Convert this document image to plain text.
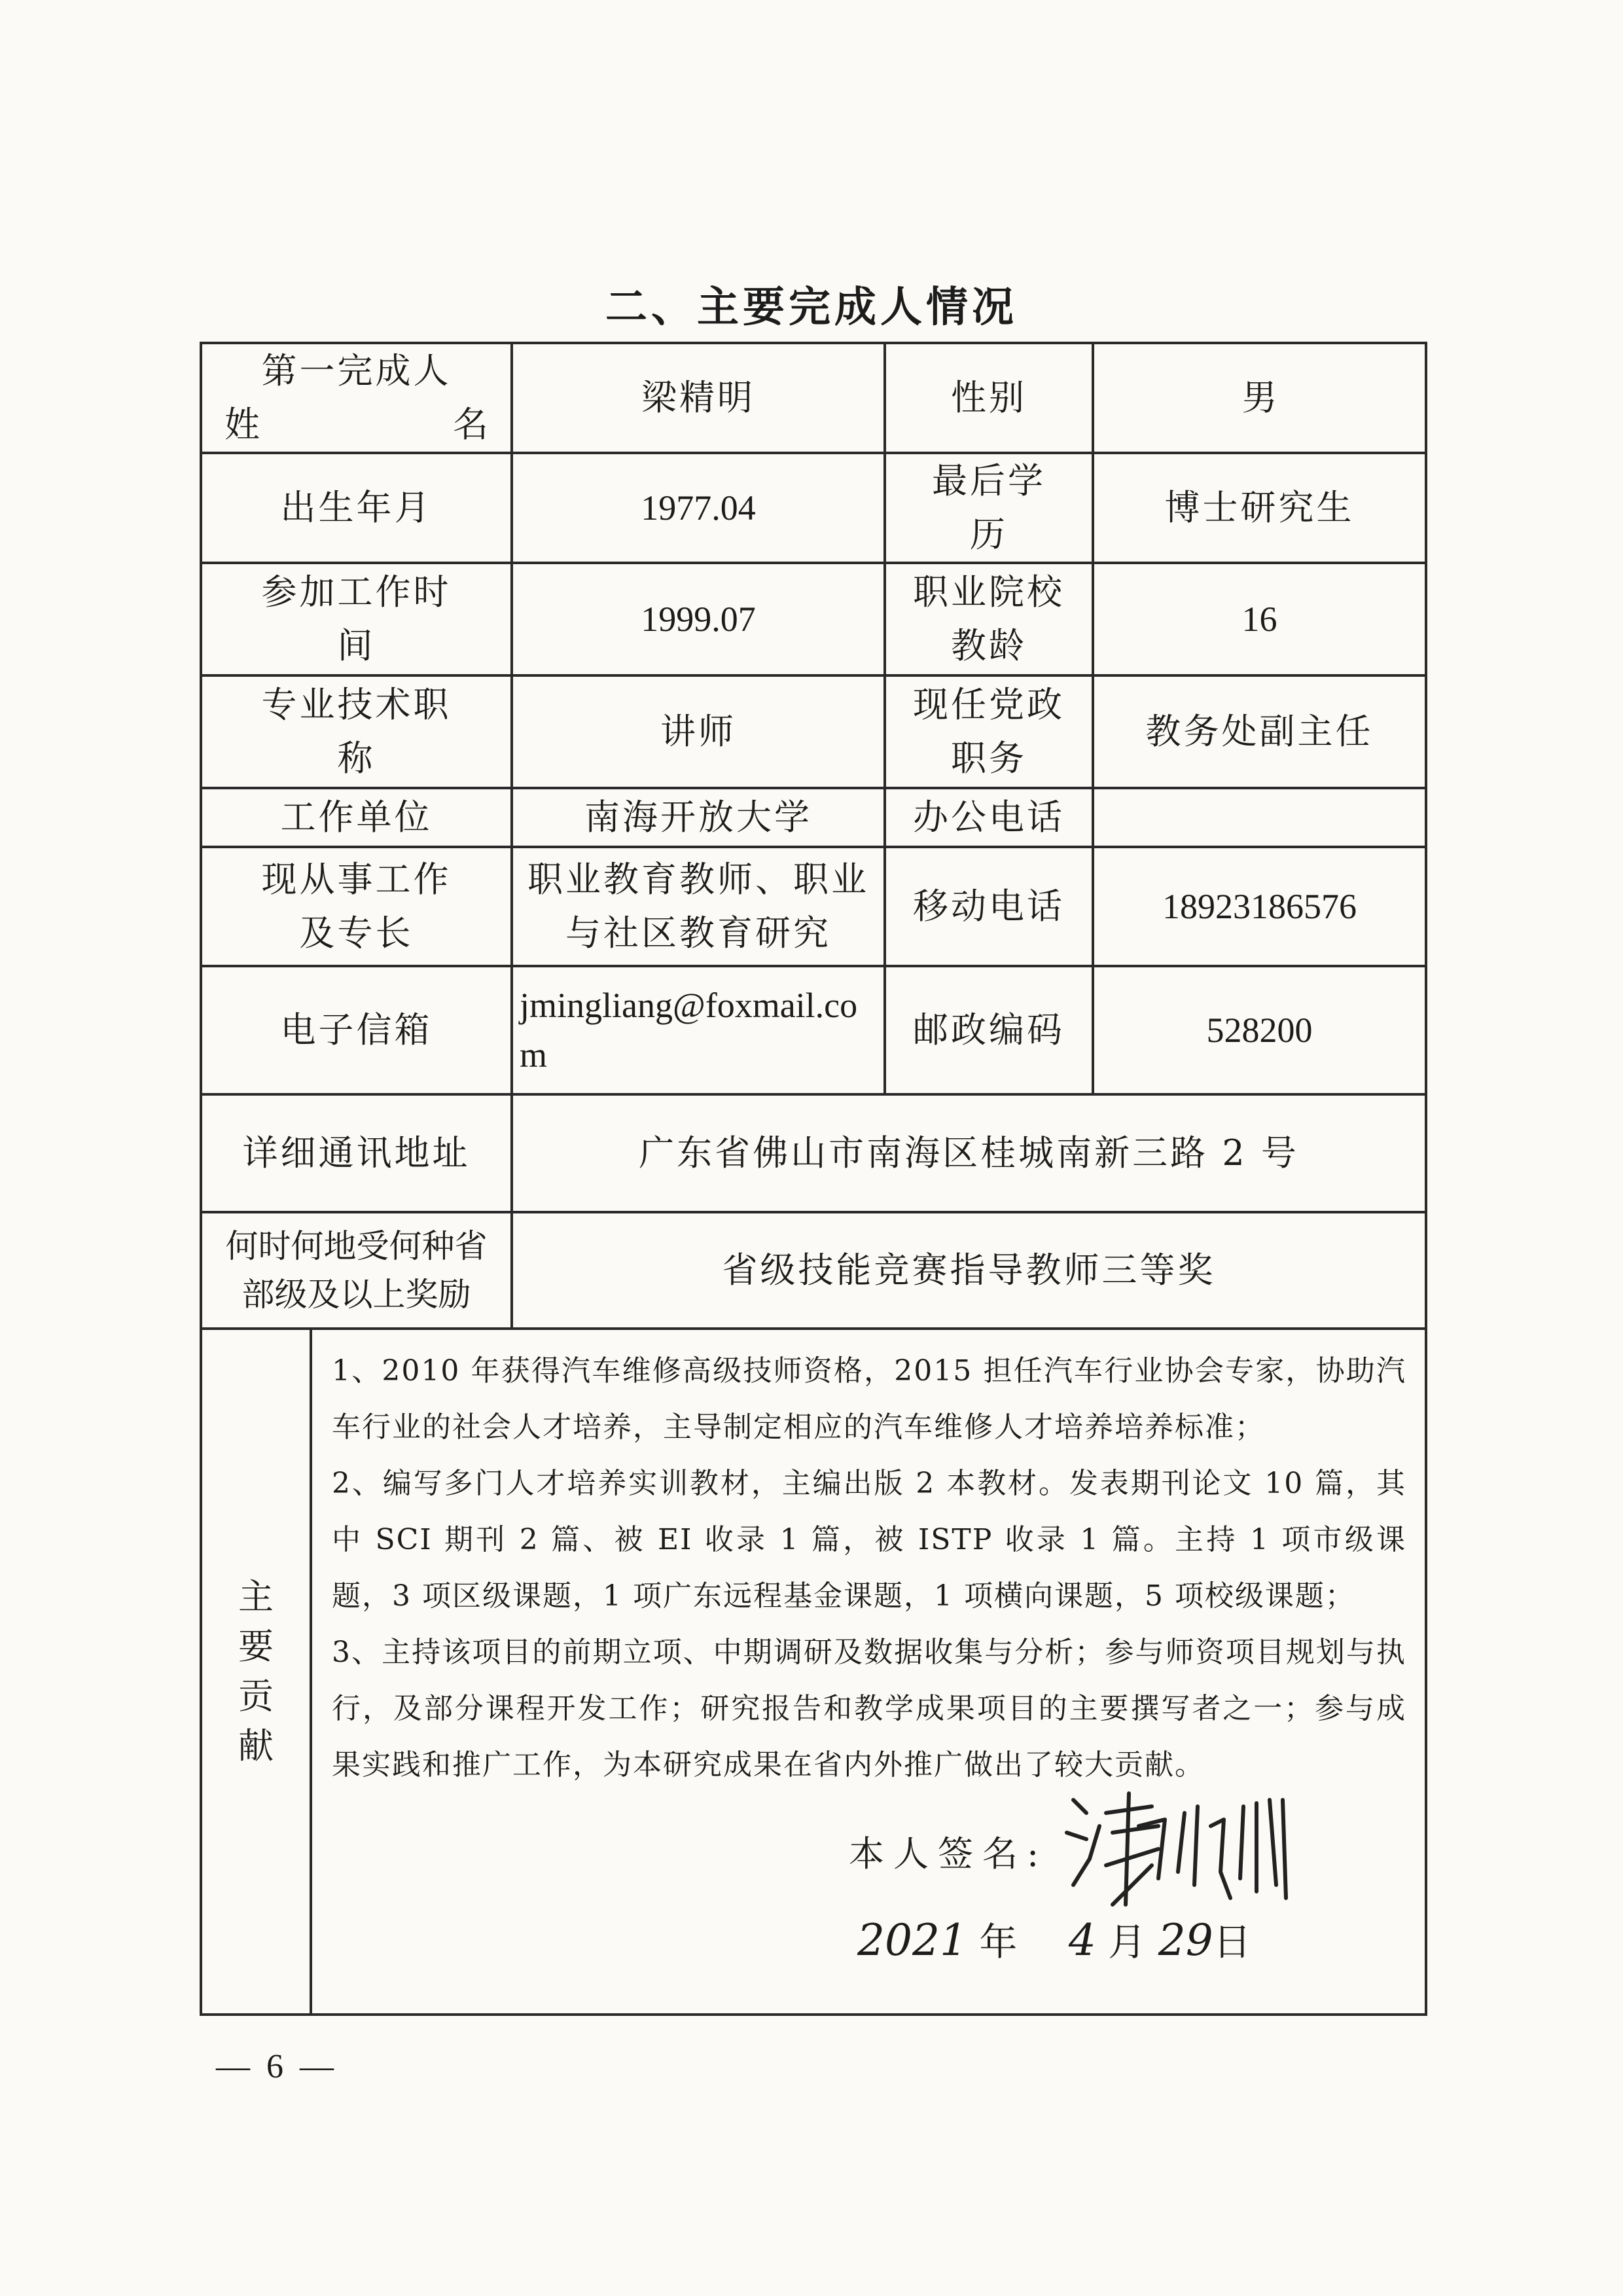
二、主要完成人情况
第一完成人
姓 名		梁精明	性别	男
出生年月		1977.04	最后学历	博士研究生
参加工作时间		1999.07	职业院校教龄	16
专业技术职称		讲师	现任党政职务	教务处副主任
工作单位		南海开放大学	办公电话	
现从事工作及专长		职业教育教师、职业与社区教育研究	移动电话	18923186576
电子信箱		jmingliang@foxmail.com	邮政编码	528200
详细通讯地址		广东省佛山市南海区桂城南新三路 2 号		
何时何地受何种省部级及以上奖励		省级技能竞赛指导教师三等奖		
主要贡献	1、2010 年获得汽车维修高级技师资格，2015 担任汽车行业协会专家，协助汽车行业的社会人才培养，主导制定相应的汽车维修人才培养培养标准；

2、编写多门人才培养实训教材，主编出版 2 本教材。发表期刊论文 10 篇，其中 SCI 期刊 2 篇、被 EI 收录 1 篇，被 ISTP 收录 1 篇。主持 1 项市级课题，3 项区级课题，1 项广东远程基金课题，1 项横向课题，5 项校级课题；

3、主持该项目的前期立项、中期调研及数据收集与分析；参与师资项目规划与执行，及部分课程开发工作；研究报告和教学成果项目的主要撰写者之一；参与成果实践和推广工作，为本研究成果在省内外推广做出了较大贡献。

本人签名:			
2021 年 4 月 29日
— 6 —
